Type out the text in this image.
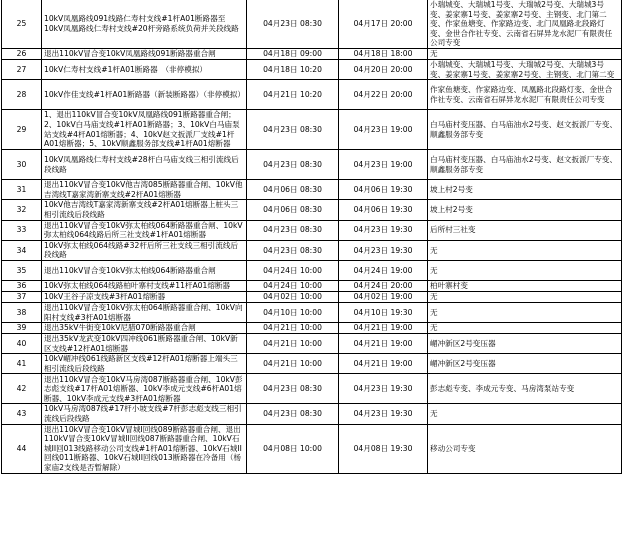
25	10kV凤凰路线091线路仁寿村支线#1杆A01断路器至10kV凤凰路线仁寿村支线#20杆旁路系统负荷并关段线路	04月23日 08:30	04月17日 20:00	小瑞城变、大瑞城1号变、大瑞城2号变、大瑞城3号变、姜家寨1号变、姜家寨2号变、主钢变、北门第二变、作家鱼塘变、作家路边变、北门凤凰路北段路灯变、金世合作社专变、云南省石屏异龙水泥厂有限责任公司专变

26	退出110kV冒合变10kV凤凰路线091断路器重合闸	04月18日 09:00	04月18日 18:00	无

27	10kV仁寿村支线#1杆A01断路器　（非停模拟）	04月18日 10:20	04月20日 20:00	小瑞城变、大瑞城1号变、大瑞城2号变、大瑞城3号变、姜家寨1号变、姜家寨2号变、主钢变、北门第二变

28	10kV作佳支线#1杆A01断路器（新装断路器）（非停模拟）	04月21日 10:20	04月22日 20:00	作家鱼塘变、作家路边变、凤凰路北段路灯变、金世合作社专变、云南省石屏异龙水泥厂有限责任公司专变

29	1、退出110kV冒合变10kV凤凰路线091断路器重合闸；2、10kV白马庙支线#1杆A01断路器；3、10kV白马庙泵站支线#4杆A01熔断器；4、10kV赵文扳派厂支线#1杆A01熔断器；5、10kV顺鑫服务部支线#1杆A01熔断器	04月23日 08:30	04月23日 19:00	白马庙村变压器、白马庙油水2号变、赵文扳派厂专变、顺鑫服务部专变

30	10kV凤凰路线仁寿村支线#28杆白马庙支线三相引流线后段线路	04月23日 08:30	04月23日 19:00	白马庙村变压器、白马庙油水2号变、赵文扳派厂专变、顺鑫服务部专变

31	退出110kV冒合变10kV他吉湾085断路器重合闸、10kV他吉湾线T嘉家湾新寨支线#2杆A01熔断器	04月06日 08:30	04月06日 19:30	坡上村2号变

32	10kV他吉湾线T嘉家湾新寨支线#2杆A01熔断器上桩头三相引流线后段线路	04月06日 08:30	04月06日 19:30	坡上村2号变

33	退出110kV冒合变10kV弥太柏线064断路器重合闸、10kV弥太柏线064线路后所三社支线#1杆A01熔断器	04月23日 08:30	04月23日 19:30	后所村三社变

34	10kV弥太柏线064线路#32杆后所三社支线三相引流线后段线路	04月23日 08:30	04月23日 19:30	无

35	退出110kV冒合变10kV弥太柏线064断路器重合闸	04月24日 10:00	04月24日 19:00	无

36	10kV弥太柏线064线路柏叶寨村支线#11杆A01熔断器	04月24日 10:00	04月24日 20:00	柏叶寨村变

37	10kV王谷子凉支线#3杆A01熔断器	04月02日 10:00	04月02日 19:00	无

38	退出110kV冒合变10kV弥太柏064断路器重合闸、10kV向阳村支线#3杆A01熔断器	04月10日 10:00	04月10日 19:30	无

39	退出35kV牛街变10kV尼腊070断路器重合闸	04月21日 10:00	04月21日 19:00	无

40	退出35kV龙武变10kV四冲线061断路器重合闸、10kV新区支线#12杆A01熔断器	04月21日 10:00	04月21日 19:00	嵋冲新区2号变压器

41	10kV嵋冲线061线路新区支线#12杆A01熔断器上端头三相引流线后段线路	04月21日 10:00	04月21日 19:00	嵋冲新区2号变压器

42	退出110kV冒合变10kV马房湾087断路器重合闸、10kV彭志彪支线#17杆A01熔断器、10kV李成元支线#6杆A01熔断器、10kV李成元支线#3杆A01熔断器	04月23日 08:30	04月23日 19:30	彭志彪专变、李成元专变、马房湾泵站专变

43	10kV马房湾087线#17杆小坡支线#7杆彭志彪支线三相引流线后段线路	04月23日 08:30	04月23日 19:30	无

44	退出110kV冒合变10kV冒城I回线089断路器重合闸、退出110kV冒合变10kV冒城II回线087断路器重合闸、10kV石城II回013线路移动公司支线#1杆A01熔断器、10kV石城II回线011断路器、10kV石城II回线013断路器在冷备用（杨家庙2支线是否暂解除）	04月08日 10:00	04月08日 19:30	移动公司专变
